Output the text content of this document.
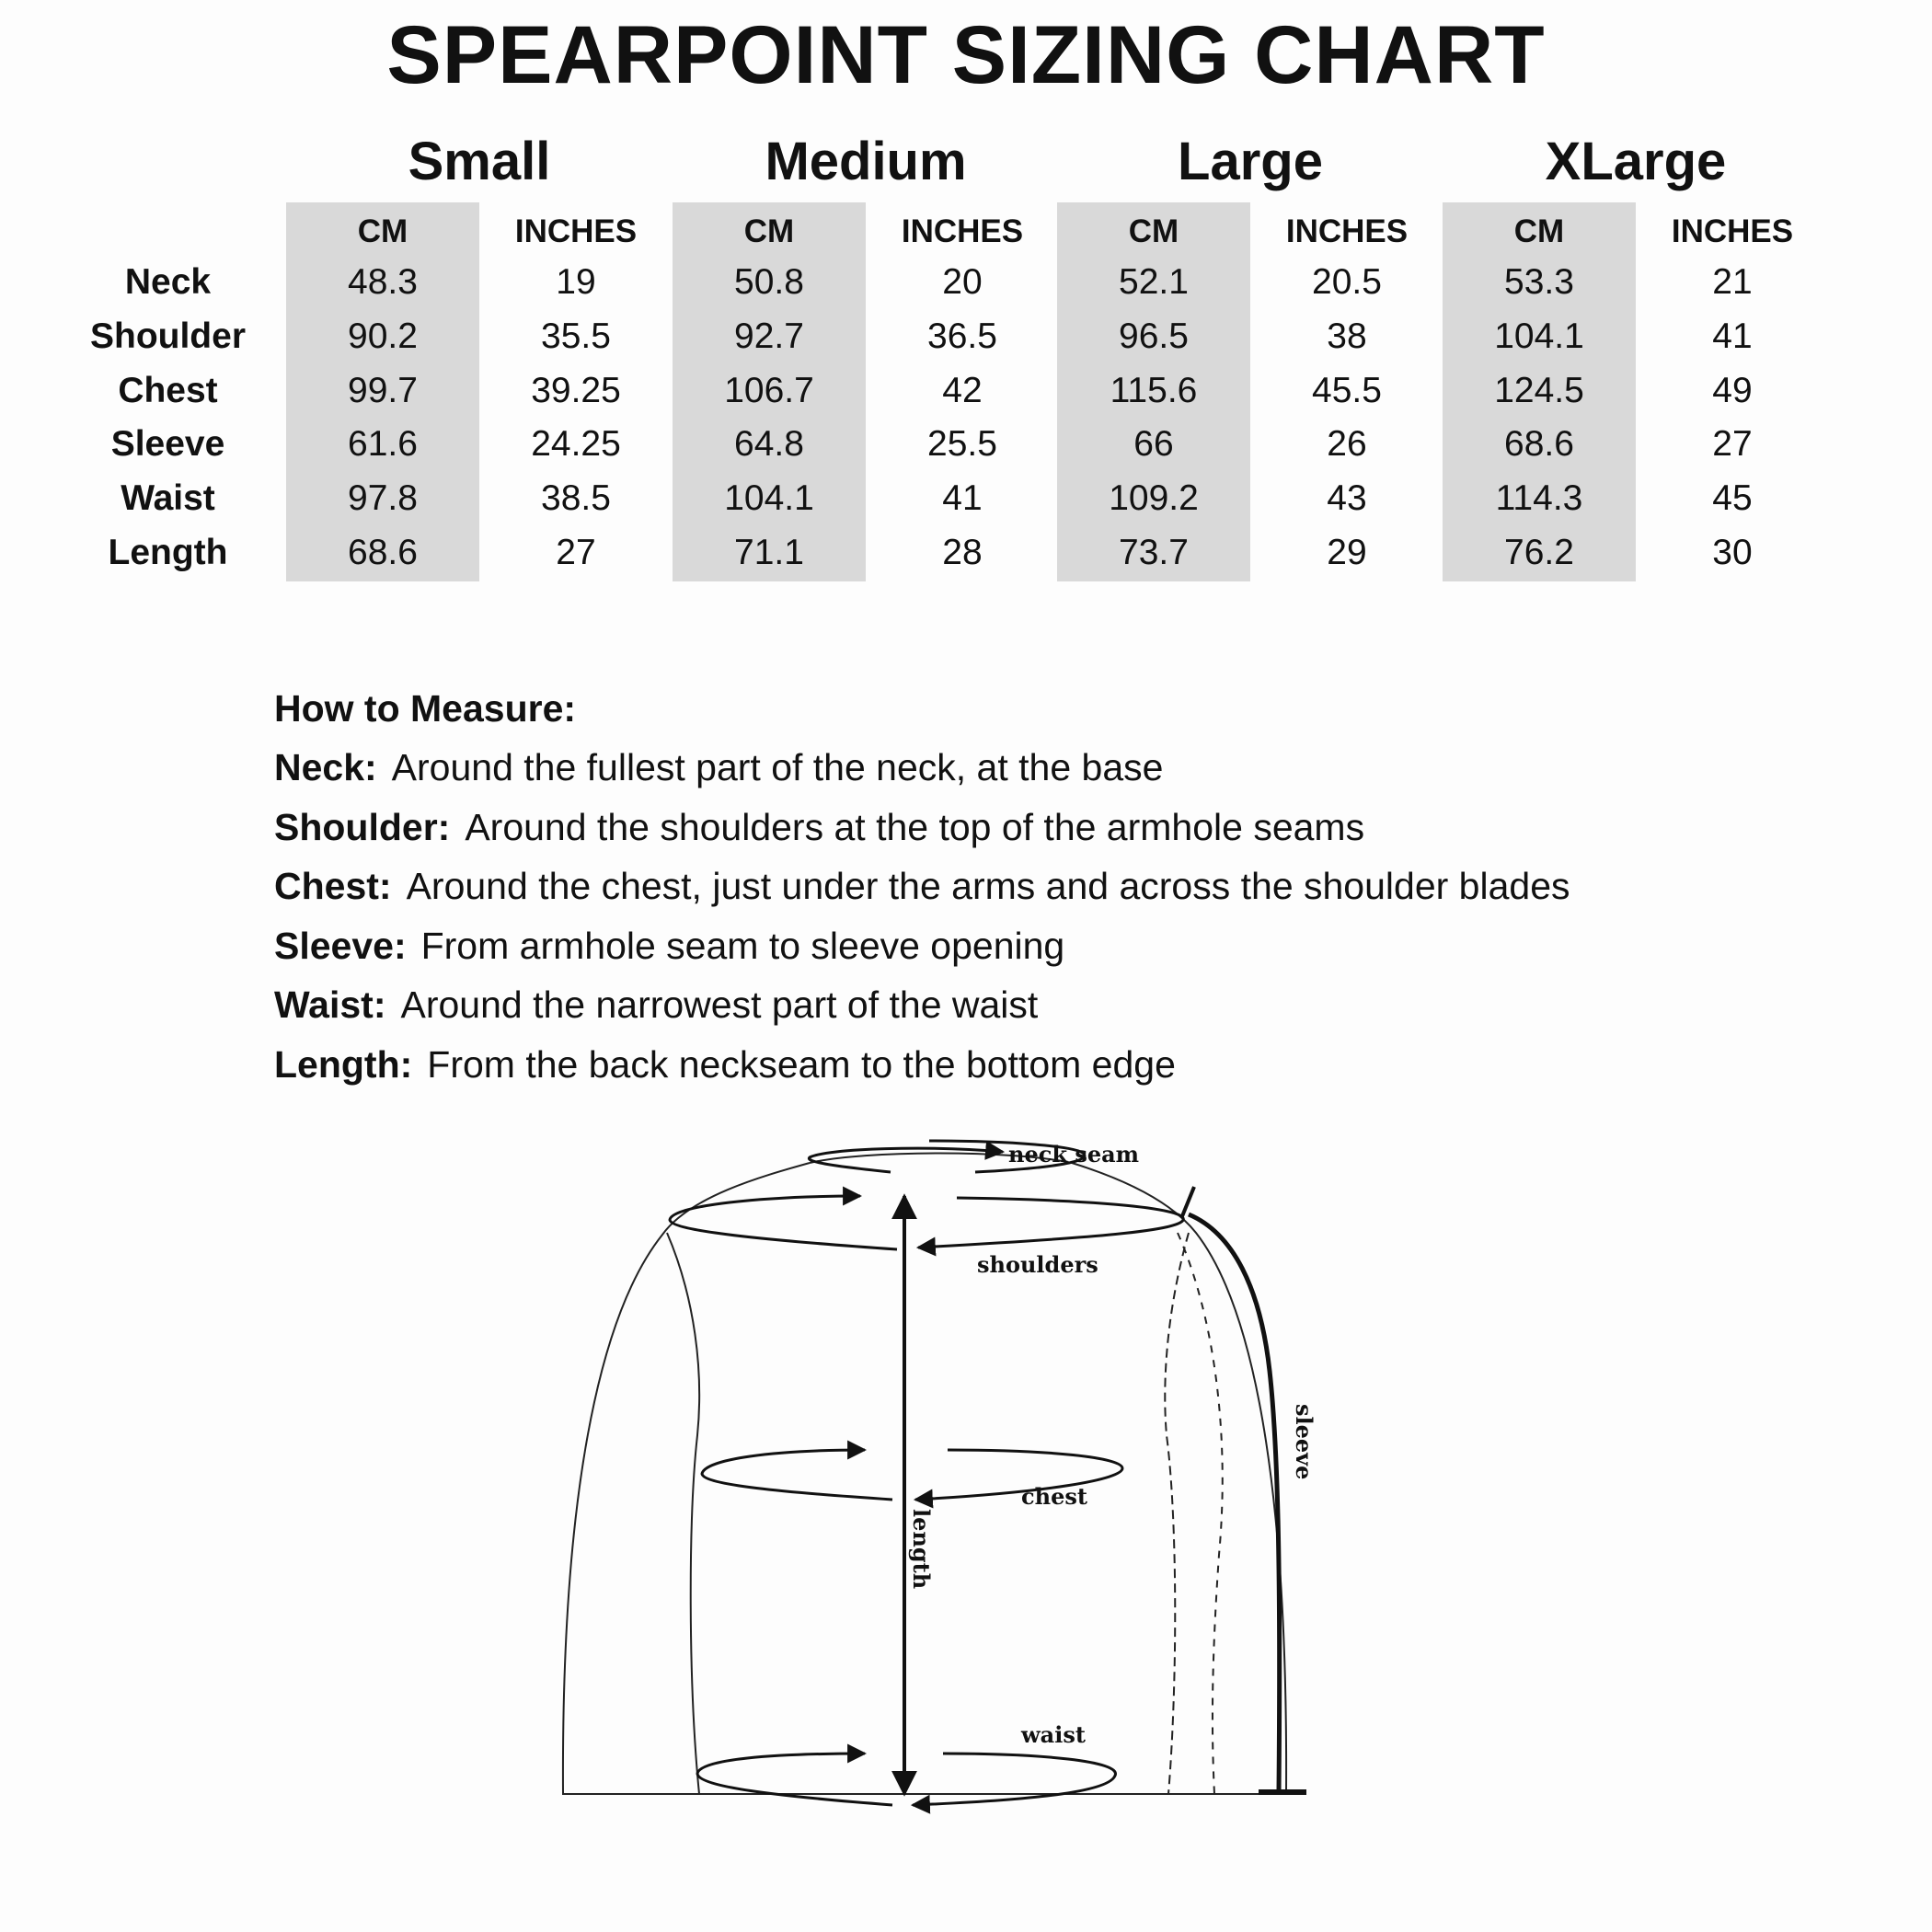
SPEARPOINT SIZING CHART
Small	Medium	Large	XLarge
CM	INCHES	CM	INCHES	CM	INCHES	CM	INCHES
Neck	48.3	19	50.8	20	52.1	20.5	53.3	21
Shoulder	90.2	35.5	92.7	36.5	96.5	38	104.1	41
Chest	99.7	39.25	106.7	42	115.6	45.5	124.5	49
Sleeve	61.6	24.25	64.8	25.5	66	26	68.6	27
Waist	97.8	38.5	104.1	41	109.2	43	114.3	45
Length	68.6	27	71.1	28	73.7	29	76.2	30
How to Measure:
Neck: Around the fullest part of the neck, at the base
Shoulder: Around the shoulders at the top of the armhole seams
Chest: Around the chest, just under the arms and across the shoulder blades
Sleeve: From armhole seam to sleeve opening
Waist: Around the narrowest part of the waist
Length: From the back neckseam to the bottom edge
neck seam
shoulders
chest
waist
length
sleeve
